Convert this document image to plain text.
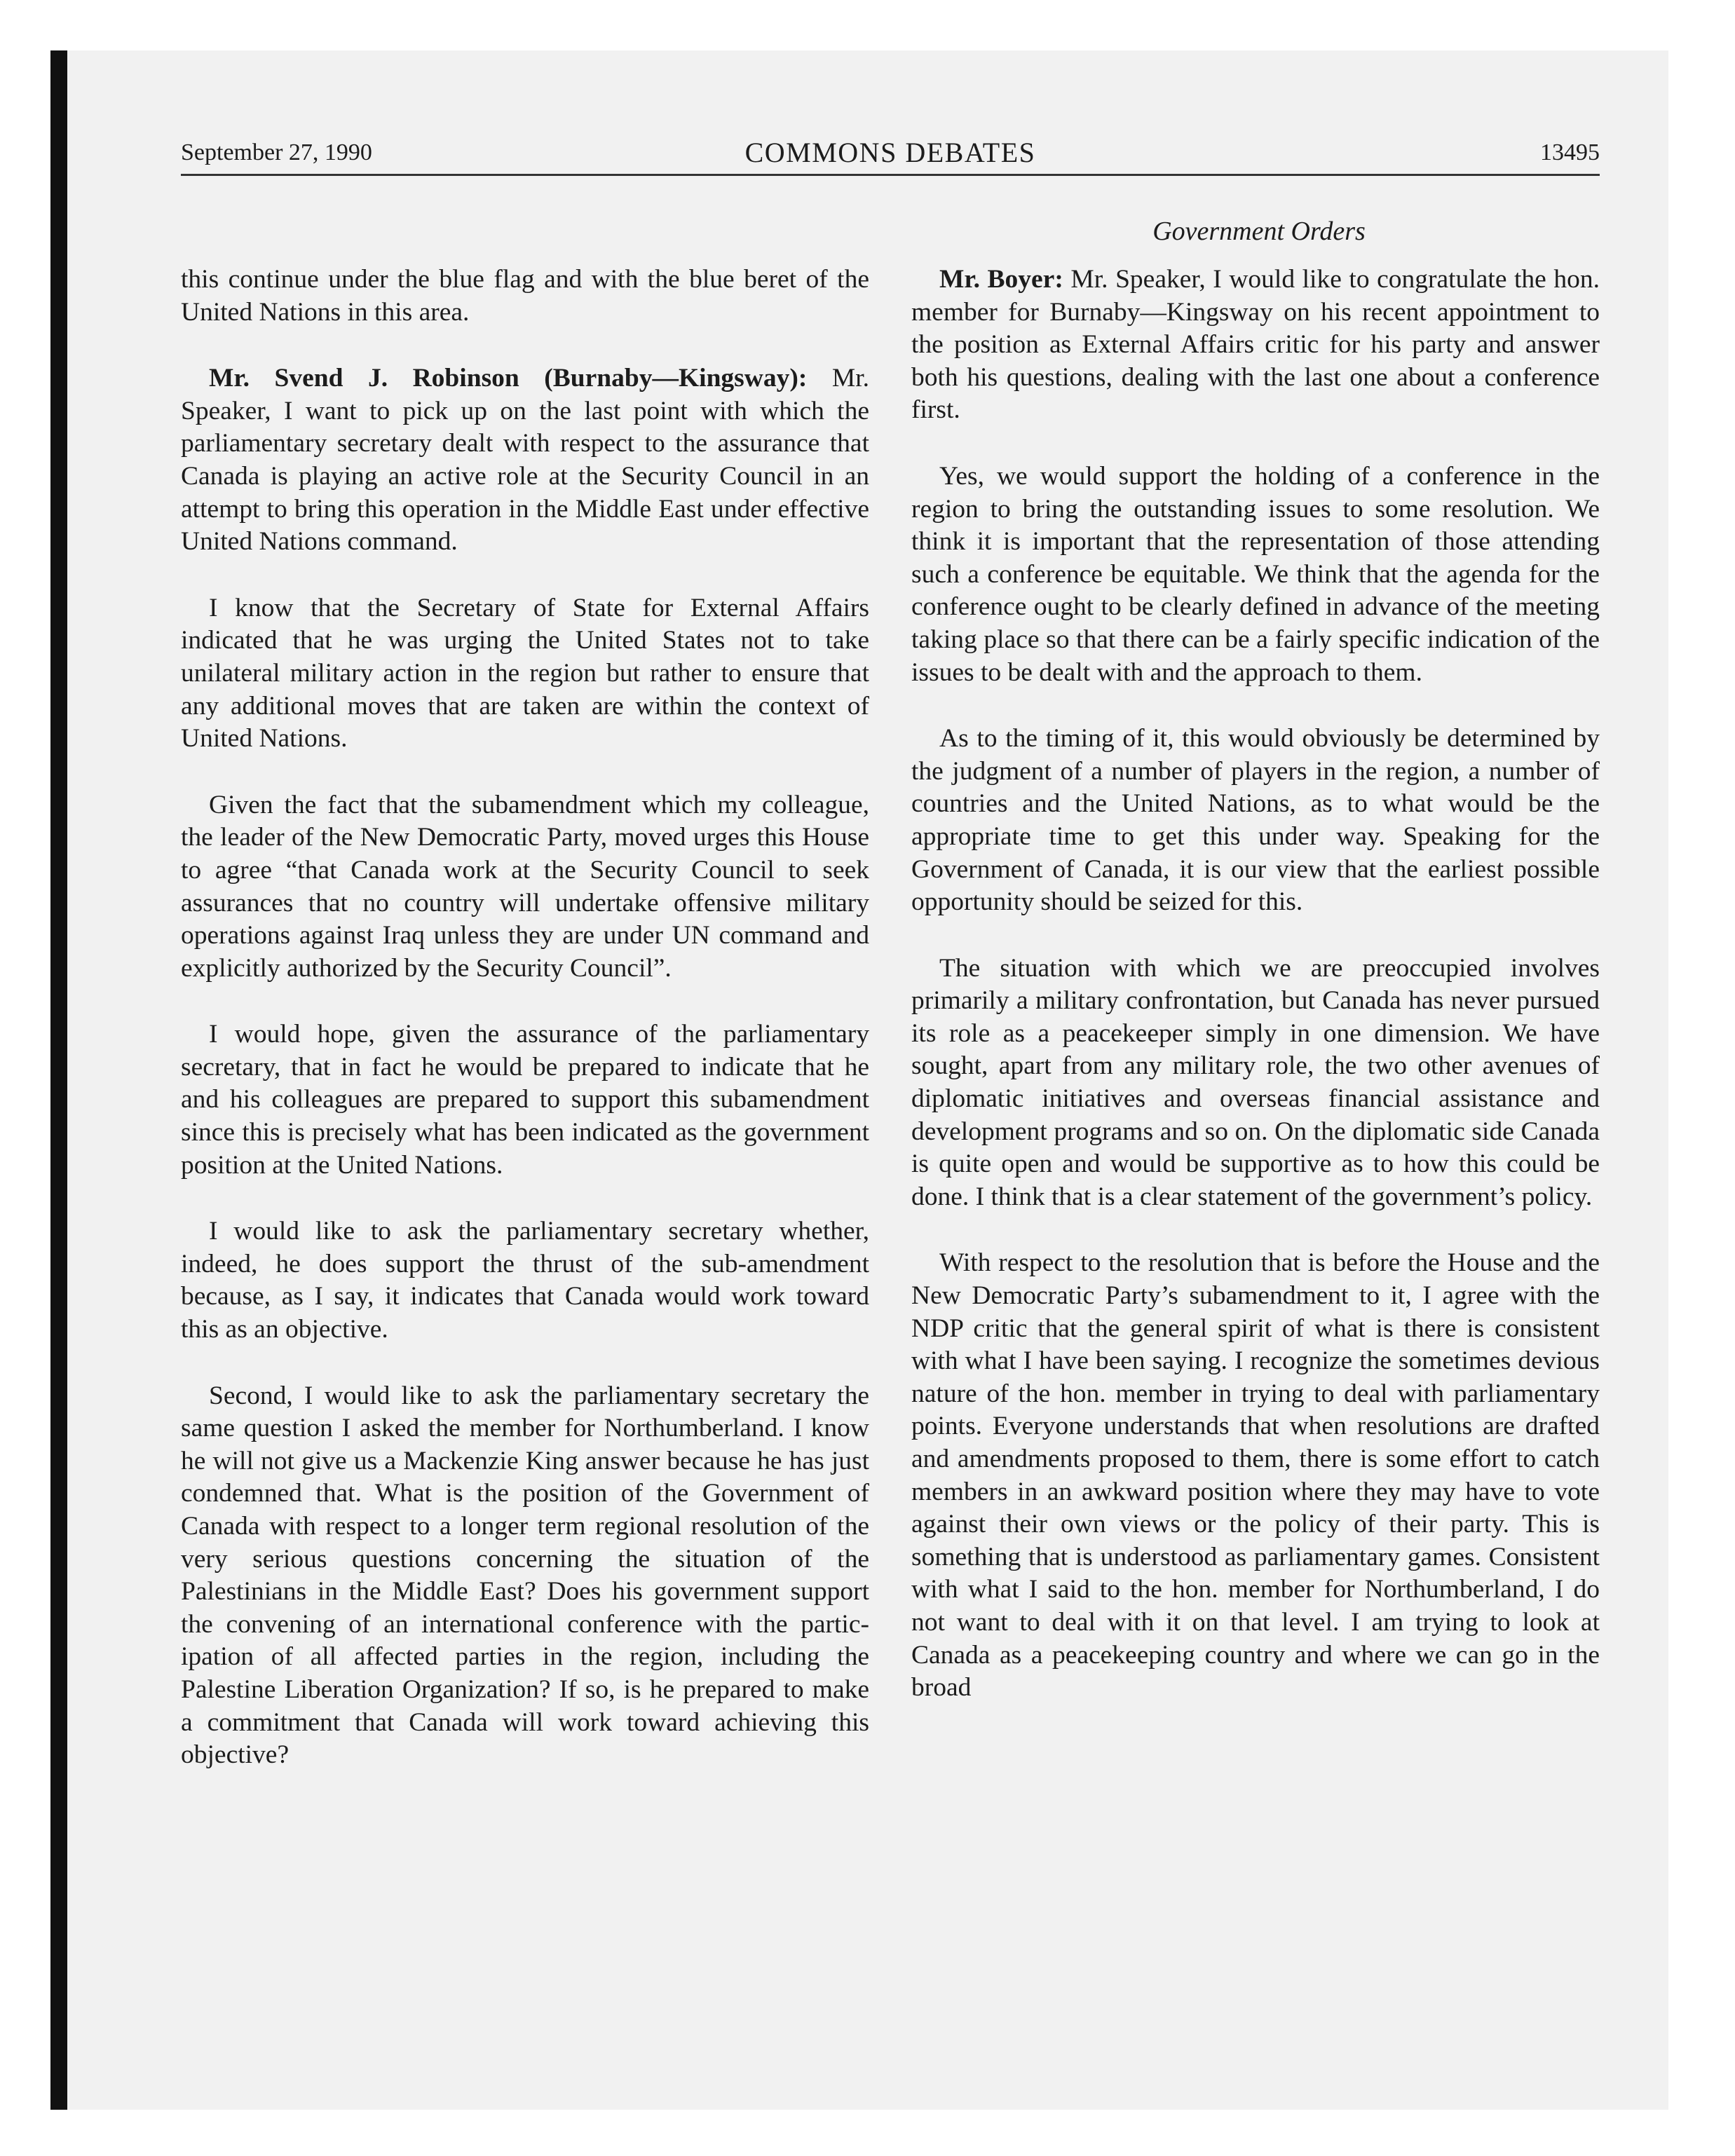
September 27, 1990	COMMONS DEBATES	13495
Government Orders

this continue under the blue flag and with the blue beret of the United Nations in this area.

Mr. Svend J. Robinson (Burnaby—Kingsway): Mr. Speaker, I want to pick up on the last point with which the parliamentary secretary dealt with respect to the assurance that Canada is playing an active role at the Security Council in an attempt to bring this operation in the Middle East under effective United Nations command.

I know that the Secretary of State for External Affairs indicated that he was urging the United States not to take unilateral military action in the region but rather to ensure that any additional moves that are taken are within the context of United Nations.

Given the fact that the subamendment which my colleague, the leader of the New Democratic Party, moved urges this House to agree “that Canada work at the Security Council to seek assurances that no country will undertake offensive military operations against Iraq unless they are under UN command and explicitly authorized by the Security Council”.

I would hope, given the assurance of the parliamentary secretary, that in fact he would be prepared to indicate that he and his colleagues are prepared to support this subamendment since this is precisely what has been indicated as the government position at the United Nations.

I would like to ask the parliamentary secretary whether, indeed, he does support the thrust of the sub-amendment because, as I say, it indicates that Canada would work toward this as an objective.

Second, I would like to ask the parliamentary secretary the same question I asked the member for Northumberland. I know he will not give us a Mackenzie King answer because he has just condemned that. What is the position of the Government of Canada with respect to a longer term regional resolution of the very serious questions concerning the situation of the Palestinians in the Middle East? Does his government support the convening of an international conference with the participation of all affected parties in the region, including the Palestine Liberation Organization? If so, is he prepared to make a commitment that Canada will work toward achieving this objective?

Mr. Boyer: Mr. Speaker, I would like to congratulate the hon. member for Burnaby—Kingsway on his recent appointment to the position as External Affairs critic for his party and answer both his questions, dealing with the last one about a conference first.

Yes, we would support the holding of a conference in the region to bring the outstanding issues to some resolution. We think it is important that the representation of those attending such a conference be equitable. We think that the agenda for the conference ought to be clearly defined in advance of the meeting taking place so that there can be a fairly specific indication of the issues to be dealt with and the approach to them.

As to the timing of it, this would obviously be determined by the judgment of a number of players in the region, a number of countries and the United Nations, as to what would be the appropriate time to get this under way. Speaking for the Government of Canada, it is our view that the earliest possible opportunity should be seized for this.

The situation with which we are preoccupied involves primarily a military confrontation, but Canada has never pursued its role as a peacekeeper simply in one dimension. We have sought, apart from any military role, the two other avenues of diplomatic initiatives and overseas financial assistance and development programs and so on. On the diplomatic side Canada is quite open and would be supportive as to how this could be done. I think that is a clear statement of the government’s policy.

With respect to the resolution that is before the House and the New Democratic Party’s subamendment to it, I agree with the NDP critic that the general spirit of what is there is consistent with what I have been saying. I recognize the sometimes devious nature of the hon. member in trying to deal with parliamentary points. Everyone understands that when resolutions are drafted and amendments proposed to them, there is some effort to catch members in an awkward position where they may have to vote against their own views or the policy of their party. This is something that is understood as parliamentary games. Consistent with what I said to the hon. member for Northumberland, I do not want to deal with it on that level. I am trying to look at Canada as a peacekeeping country and where we can go in the broad
